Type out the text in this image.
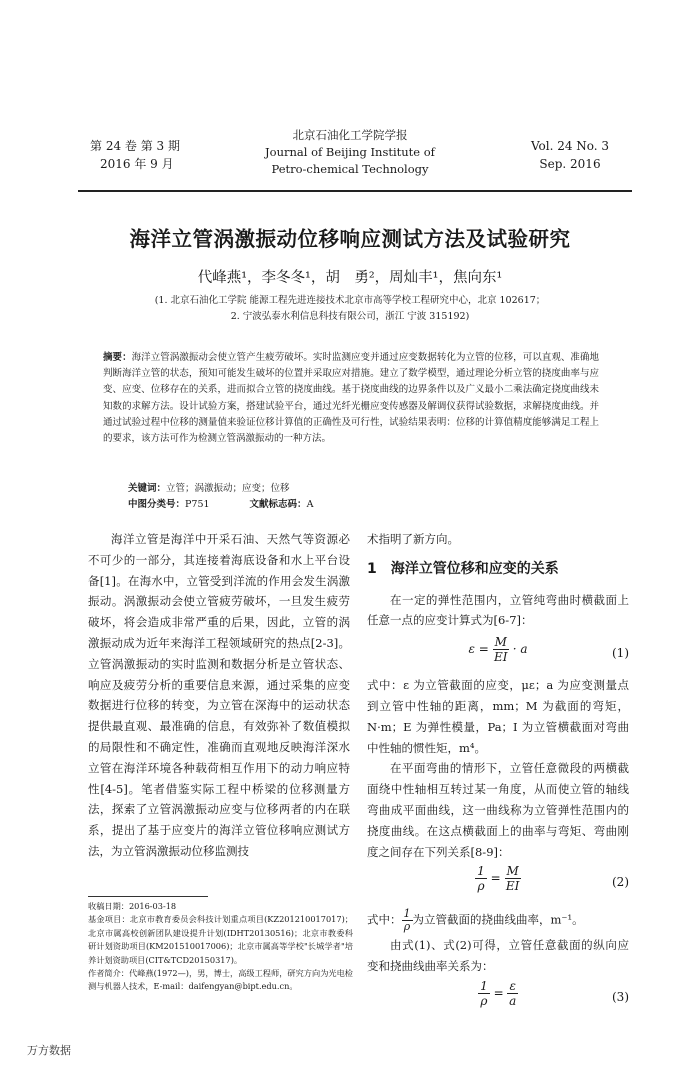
第 24 卷 第 3 期
2016 年 9 月
北京石油化工学院学报
Journal of Beijing Institute of
Petro-chemical Technology
Vol. 24 No. 3
Sep. 2016
海洋立管涡激振动位移响应测试方法及试验研究
代峰燕¹，李冬冬¹，胡　勇²，周灿丰¹，焦向东¹
(1. 北京石油化工学院 能源工程先进连接技术北京市高等学校工程研究中心，北京 102617；
2. 宁波弘泰水利信息科技有限公司，浙江 宁波 315192)
摘要：海洋立管涡激振动会使立管产生疲劳破坏。实时监测应变并通过应变数据转化为立管的位移，可以直观、准确地判断海洋立管的状态，预知可能发生破坏的位置并采取应对措施。建立了数学模型，通过理论分析立管的挠度曲率与应变、应变、位移存在的关系，进而拟合立管的挠度曲线。基于挠度曲线的边界条件以及广义最小二乘法确定挠度曲线未知数的求解方法。设计试验方案，搭建试验平台，通过光纤光栅应变传感器及解调仪获得试验数据，求解挠度曲线。并通过试验过程中位移的测量值来验证位移计算值的正确性及可行性，试验结果表明：位移的计算值精度能够满足工程上的要求，该方法可作为检测立管涡激振动的一种方法。
关键词：立管；涡激振动；应变；位移
中图分类号：P751	文献标志码：A
海洋立管是海洋中开采石油、天然气等资源必不可少的一部分，其连接着海底设备和水上平台设备[1]。在海水中，立管受到洋流的作用会发生涡激振动。涡激振动会使立管疲劳破坏，一旦发生疲劳破坏，将会造成非常严重的后果，因此，立管的涡激振动成为近年来海洋工程领域研究的热点[2-3]。立管涡激振动的实时监测和数据分析是立管状态、响应及疲劳分析的重要信息来源，通过采集的应变数据进行位移的转变，为立管在深海中的运动状态提供最直观、最准确的信息，有效弥补了数值模拟的局限性和不确定性，准确而直观地反映海洋深水立管在海洋环境各种载荷相互作用下的动力响应特性[4-5]。笔者借鉴实际工程中桥梁的位移测量方法，探索了立管涡激振动应变与位移两者的内在联系，提出了基于应变片的海洋立管位移响应测试方法，为立管涡激振动位移监测技
术指明了新方向。
1　海洋立管位移和应变的关系
在一定的弹性范围内，立管纯弯曲时横截面上任意一点的应变计算式为[6-7]：
$\varepsilon = \frac{M}{EI} \cdot a$	(1)
式中：ε 为立管截面的应变，με；a 为应变测量点到立管中性轴的距离，mm；M 为截面的弯矩，N·m；E 为弹性模量，Pa；I 为立管横截面对弯曲中性轴的惯性矩，m⁴。
在平面弯曲的情形下，立管任意微段的两横截面绕中性轴相互转过某一角度，从而使立管的轴线弯曲成平面曲线，这一曲线称为立管弹性范围内的挠度曲线。在这点横截面上的曲率与弯矩、弯曲刚度之间存在下列关系[8-9]：
$\frac{1}{\rho} = \frac{M}{EI}$	(2)
式中： $\frac{1}{\rho}$ 为立管截面的挠曲线曲率，m⁻¹。
由式(1)、式(2)可得，立管任意截面的纵向应变和挠曲线曲率关系为：
$\frac{1}{\rho} = \frac{\varepsilon}{a}$	(3)
收稿日期：2016-03-18
基金项目：北京市教育委员会科技计划重点项目(KZ201210017017)；北京市属高校创新团队建设提升计划(IDHT20130516)；北京市教委科研计划资助项目(KM201510017006)；北京市属高等学校"长城学者"培养计划资助项目(CIT&TCD20150317)。
作者简介：代峰燕(1972—)，男，博士，高级工程师，研究方向为光电检测与机器人技术，E-mail：daifengyan@bipt.edu.cn。
万方数据
